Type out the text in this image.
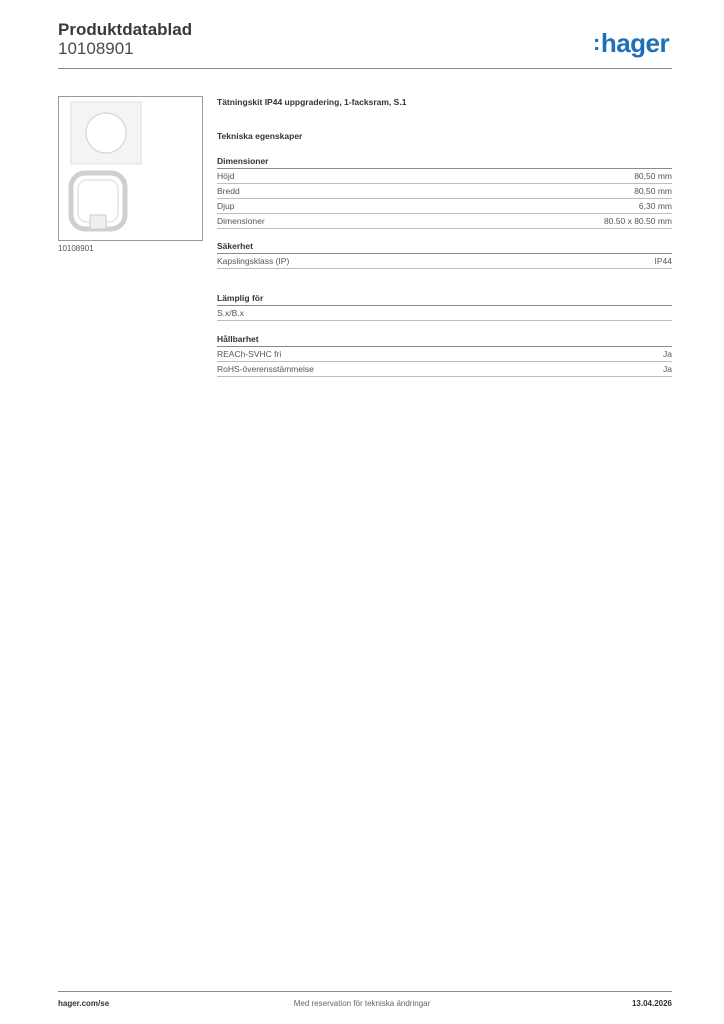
Produktdatablad
10108901	:hager
10108901
Tätningskit IP44 uppgradering, 1-facksram, S.1
Tekniska egenskaper
Dimensioner
Höjd	80,50 mm
Bredd	80,50 mm
Djup	6,30 mm
Dimensioner	80.50 x 80.50 mm
Säkerhet
Kapslingsklass (IP)	IP44
Lämplig för
S.x/B.x
Hållbarhet
REACh-SVHC fri	Ja
RoHS-överensstämmelse	Ja
Med reservation för tekniska ändringar
hager.com/se	13.04.2026
